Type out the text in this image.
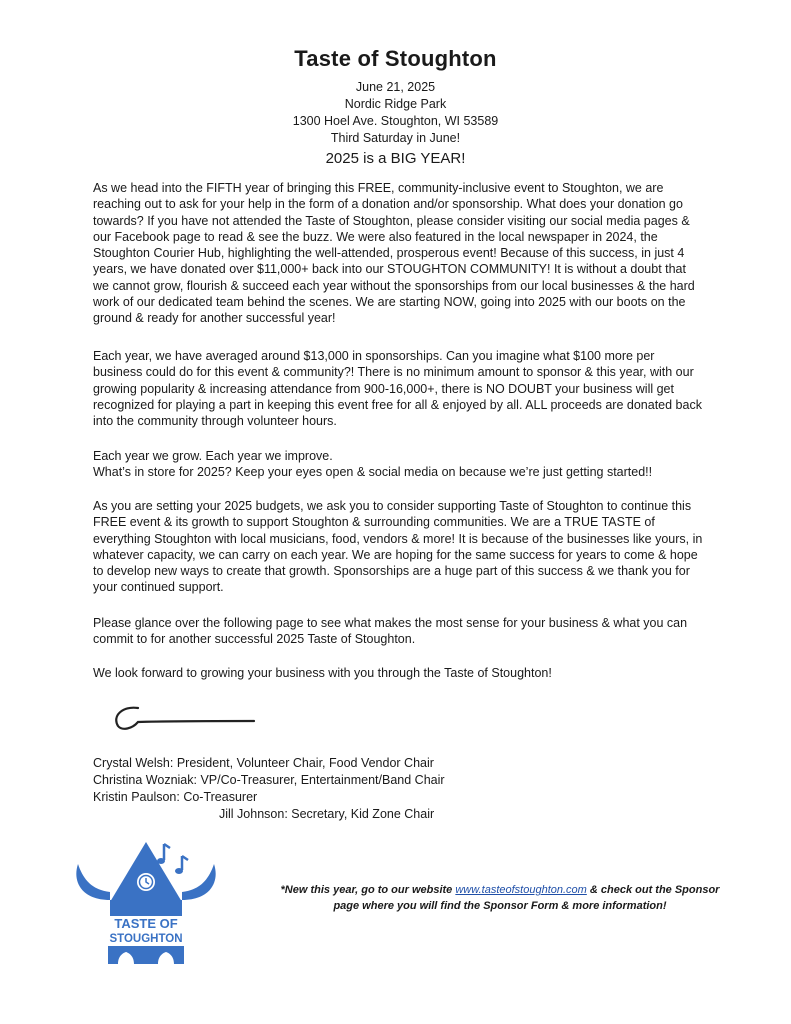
Taste of Stoughton
June 21, 2025
Nordic Ridge Park
1300 Hoel Ave. Stoughton, WI 53589
Third Saturday in June!
2025 is a BIG YEAR!
As we head into the FIFTH year of bringing this FREE, community-inclusive event to Stoughton, we are reaching out to ask for your help in the form of a donation and/or sponsorship. What does your donation go towards? If you have not attended the Taste of Stoughton, please consider visiting our social media pages & our Facebook page to read & see the buzz. We were also featured in the local newspaper in 2024, the Stoughton Courier Hub, highlighting the well-attended, prosperous event! Because of this success, in just 4 years, we have donated over $11,000+ back into our STOUGHTON COMMUNITY! It is without a doubt that we cannot grow, flourish & succeed each year without the sponsorships from our local businesses & the hard work of our dedicated team behind the scenes. We are starting NOW, going into 2025 with our boots on the ground & ready for another successful year!
Each year, we have averaged around $13,000 in sponsorships. Can you imagine what $100 more per business could do for this event & community?! There is no minimum amount to sponsor & this year, with our growing popularity & increasing attendance from 900-16,000+, there is NO DOUBT your business will get recognized for playing a part in keeping this event free for all & enjoyed by all. ALL proceeds are donated back into the community through volunteer hours.
Each year we grow. Each year we improve.
What’s in store for 2025? Keep your eyes open & social media on because we’re just getting started!!
As you are setting your 2025 budgets, we ask you to consider supporting Taste of Stoughton to continue this FREE event & its growth to support Stoughton & surrounding communities. We are a TRUE TASTE of everything Stoughton with local musicians, food, vendors & more! It is because of the businesses like yours, in whatever capacity, we can carry on each year. We are hoping for the same success for years to come & hope to develop new ways to create that growth. Sponsorships are a huge part of this success & we thank you for your continued support.
Please glance over the following page to see what makes the most sense for your business & what you can commit to for another successful 2025 Taste of Stoughton.
We look forward to growing your business with you through the Taste of Stoughton!
Crystal Welsh: President, Volunteer Chair, Food Vendor Chair
Christina Wozniak: VP/Co-Treasurer, Entertainment/Band Chair
Kristin Paulson: Co-Treasurer
Jill Johnson: Secretary, Kid Zone Chair
TASTE OF
STOUGHTON
*New this year, go to our website www.tasteofstoughton.com & check out the Sponsor page where you will find the Sponsor Form & more information!
